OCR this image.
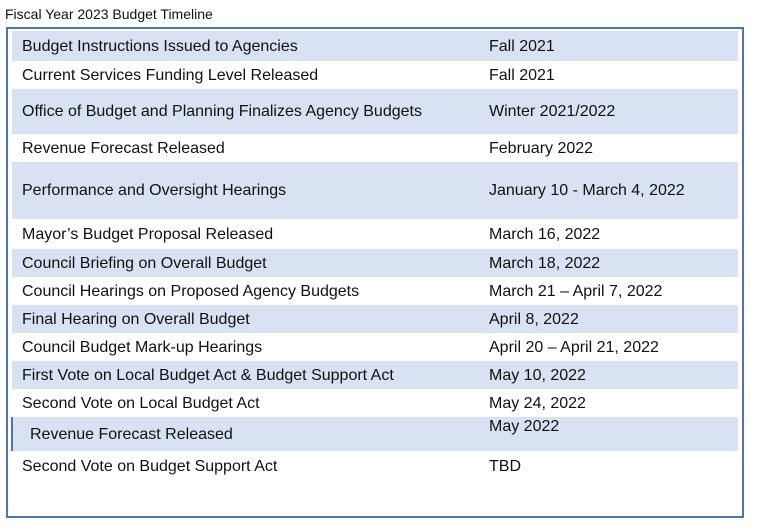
Fiscal Year 2023 Budget Timeline
Budget Instructions Issued to Agencies	Fall 2021
Current Services Funding Level Released	Fall 2021
Office of Budget and Planning Finalizes Agency Budgets	Winter 2021/2022
Revenue Forecast Released	February 2022
Performance and Oversight Hearings	January 10 - March 4, 2022
Mayor’s Budget Proposal Released	March 16, 2022
Council Briefing on Overall Budget	March 18, 2022
Council Hearings on Proposed Agency Budgets	March 21 – April 7, 2022
Final Hearing on Overall Budget	April 8, 2022
Council Budget Mark-up Hearings	April 20 – April 21, 2022
First Vote on Local Budget Act & Budget Support Act	May 10, 2022
Second Vote on Local Budget Act	May 24, 2022
Revenue Forecast Released	May 2022
Second Vote on Budget Support Act	TBD
